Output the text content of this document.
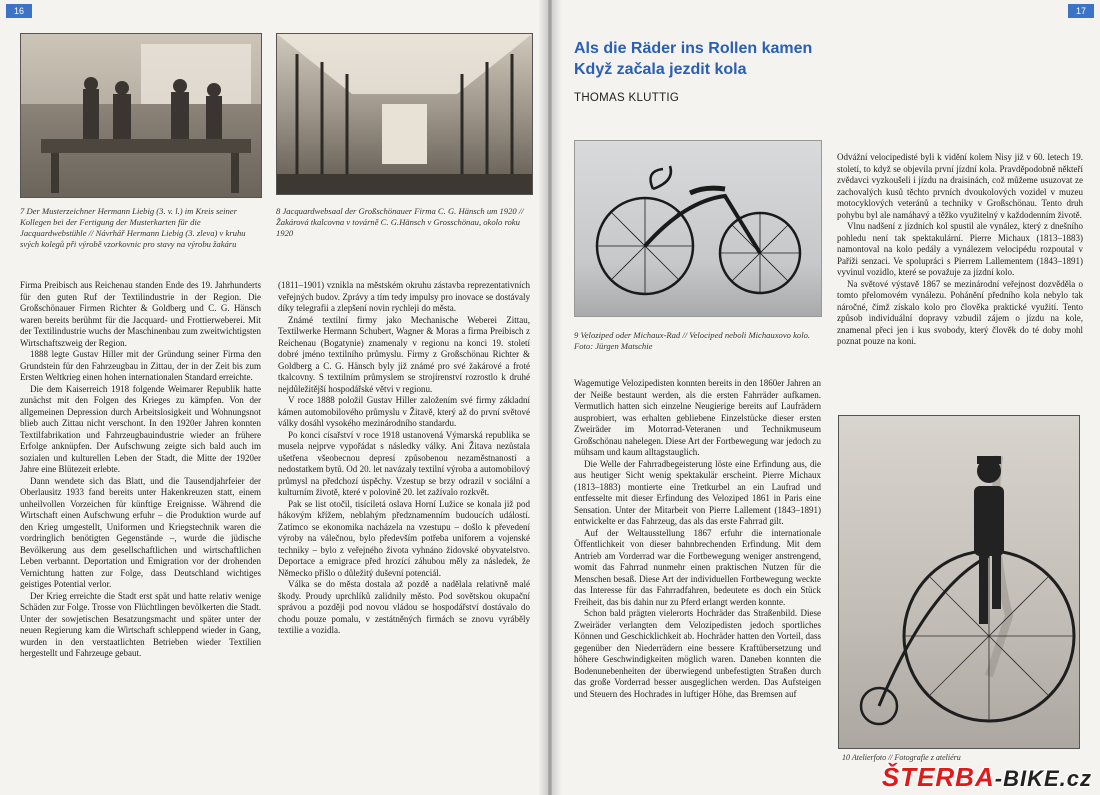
16
7 Der Musterzeichner Hermann Liebig (3. v. l.) im Kreis seiner Kollegen bei der Fertigung der Musterkarten für die Jacquardwebstühle // Návrhář Hermann Liebig (3. zleva) v kruhu svých kolegů při výrobě vzorkovnic pro stavy na výrobu žakáru
8 Jacquardwebsaal der Großschönauer Firma C. G. Hänsch um 1920 // Žakárová tkalcovna v továrně C. G.Hänsch v Grosschönau, okolo roku 1920

Firma Preibisch aus Reichenau standen Ende des 19. Jahrhunderts für den guten Ruf der Textilindustrie in der Region. Die Großschönauer Firmen Richter & Goldberg und C. G. Hänsch waren bereits berühmt für die Jacquard- und Frottierweberei. Mit der Textilindustrie wuchs der Maschinenbau zum zweitwichtigsten Wirtschaftszweig der Region.

1888 legte Gustav Hiller mit der Gründung seiner Firma den Grundstein für den Fahrzeugbau in Zittau, der in der Zeit bis zum Ersten Weltkrieg einen hohen internationalen Standard erreichte.

Die dem Kaiserreich 1918 folgende Weimarer Republik hatte zunächst mit den Folgen des Krieges zu kämpfen. Von der allgemeinen Depression durch Arbeitslosigkeit und Wohnungsnot blieb auch Zittau nicht verschont. In den 1920er Jahren konnten Textilfabrikation und Fahrzeugbauindustrie wieder an frühere Erfolge anknüpfen. Der Aufschwung zeigte sich bald auch im sozialen und kulturellen Leben der Stadt, die Mitte der 1920er Jahre eine Blütezeit erlebte.

Dann wendete sich das Blatt, und die Tausendjahrfeier der Oberlausitz 1933 fand bereits unter Hakenkreuzen statt, einem unheilvollen Vorzeichen für künftige Ereignisse. Während die Wirtschaft einen Aufschwung erfuhr – die Produktion wurde auf den Krieg umgestellt, Uniformen und Kriegstechnik waren die vordringlich benötigten Gegenstände –, wurde die jüdische Bevölkerung aus dem gesellschaftlichen und wirtschaftlichen Leben verbannt. Deportation und Emigration vor der drohenden Vernichtung hatten zur Folge, dass Deutschland wichtiges geistiges Potential verlor.

Der Krieg erreichte die Stadt erst spät und hatte relativ wenige Schäden zur Folge. Trosse von Flüchtlingen bevölkerten die Stadt. Unter der sowjetischen Besatzungsmacht und später unter der neuen Regierung kam die Wirtschaft schleppend wieder in Gang, wurden in den verstaatlichten Betrieben wieder Textilien hergestellt und Fahrzeuge gebaut.

(1811–1901) vznikla na městském okruhu zástavba reprezentativních veřejných budov. Zprávy a tím tedy impulsy pro inovace se dostávaly díky telegrafii a zlepšení novin rychleji do města.

Známé textilní firmy jako Mechanische Weberei Zittau, Textilwerke Hermann Schubert, Wagner & Moras a firma Preibisch z Reichenau (Bogatynie) znamenaly v regionu na konci 19. století dobré jméno textilního průmyslu. Firmy z Großschönau Richter & Goldberg a C. G. Hänsch byly již známé pro své žakárové a froté tkalcovny. S textilním průmyslem se strojírenství rozrostlo k druhé nejdůležitější hospodářské větvi v regionu.

V roce 1888 položil Gustav Hiller založením své firmy základní kámen automobilového průmyslu v Žitavě, který až do první světové války dosáhl vysokého mezinárodního standardu.

Po konci císařství v roce 1918 ustanovená Výmarská republika se musela nejprve vypořádat s následky války. Ani Žitava nezůstala ušetřena všeobecnou depresí způsobenou nezaměstnaností a nedostatkem bytů. Od 20. let navázaly textilní výroba a automobilový průmysl na předchozí úspěchy. Vzestup se brzy odrazil v sociální a kulturním životě, které v polovině 20. let zažívalo rozkvět.

Pak se list otočil, tisíciletá oslava Horní Lužice se konala již pod hákovým křížem, neblahým předznamenním budoucích událostí. Zatímco se ekonomika nacházela na vzestupu – došlo k převedení výroby na válečnou, bylo především potřeba uniforem a vojenské techniky – bylo z veřejného života vyhnáno židovské obyvatelstvo. Deportace a emigrace před hrozící záhubou měly za následek, že Německo přišlo o důležitý duševní potenciál.

Válka se do města dostala až pozdě a nadělala relativně malé škody. Proudy uprchlíků zalidnily město. Pod sovětskou okupační správou a později pod novou vládou se hospodářství dostávalo do chodu pouze pomalu, v zestátněných firmách se znovu vyráběly textilie a vozidla.

17
Als die Räder ins Rollen kamen
Když začala jezdit kola
THOMAS KLUTTIG
9 Veloziped oder Michaux-Rad // Velociped neboli Michauxovo kolo. Foto: Jürgen Matschie

Wagemutige Velozipedisten konnten bereits in den 1860er Jahren an der Neiße bestaunt werden, als die ersten Fahrräder aufkamen. Vermutlich hatten sich einzelne Neugierige bereits auf Laufrädern ausprobiert, was erhalten gebliebene Einzelstücke dieser ersten Zweiräder im Motorrad-Veteranen und Technikmuseum Großschönau nahelegen. Diese Art der Fortbewegung war jedoch zu mühsam und kaum alltagstauglich.

Die Welle der Fahrradbegeisterung löste eine Erfindung aus, die aus heutiger Sicht wenig spektakulär erscheint. Pierre Michaux (1813–1883) montierte eine Tretkurbel an ein Laufrad und entfesselte mit dieser Erfindung des Veloziped 1861 in Paris eine Sensation. Unter der Mitarbeit von Pierre Lallement (1843–1891) entwickelte er das Fahrzeug, das als das erste Fahrrad gilt.

Auf der Weltausstellung 1867 erfuhr die internationale Öffentlichkeit von dieser bahnbrechenden Erfindung. Mit dem Antrieb am Vorderrad war die Fortbewegung weniger anstrengend, womit das Fahrrad nunmehr einen praktischen Nutzen für die Menschen besaß. Diese Art der individuellen Fortbewegung weckte das Interesse für das Fahrradfahren, bedeutete es doch ein Stück Freiheit, das bis dahin nur zu Pferd erlangt werden konnte.

Schon bald prägten vielerorts Hochräder das Straßenbild. Diese Zweiräder verlangten dem Velozipedisten jedoch sportliches Können und Geschicklichkeit ab. Hochräder hatten den Vorteil, dass gegenüber den Niederrädern eine bessere Kraftübersetzung und höhere Geschwindigkeiten möglich waren. Daneben konnten die Bodenunebenheiten der überwiegend unbefestigten Straßen durch das große Vorderrad besser ausgeglichen werden. Das Aufsteigen und Steuern des Hochrades in luftiger Höhe, das Bremsen auf

Odvážní velocipedisté byli k vidění kolem Nisy již v 60. letech 19. století, to když se objevila první jízdní kola. Pravděpodobně někteří zvědavci vyzkoušeli i jízdu na draisinách, což můžeme usuzovat ze zachovalých kusů těchto prvních dvoukolových vozidel v muzeu motocyklových veteránů a techniky v Großschönau. Tento druh pohybu byl ale namáhavý a těžko využitelný v každodenním životě.

Vlnu nadšení z jízdních kol spustil ale vynález, který z dnešního pohledu není tak spektakulární. Pierre Michaux (1813–1883) namontoval na kolo pedály a vynálezem velocipédu rozpoutal v Paříži senzaci. Ve spolupráci s Pierrem Lallementem (1843–1891) vyvinul vozidlo, které se považuje za jízdní kolo.

Na světové výstavě 1867 se mezinárodní veřejnost dozvěděla o tomto přelomovém vynálezu. Pohánění předního kola nebylo tak náročné, čímž získalo kolo pro člověka praktické využití. Tento způsob individuální dopravy vzbudil zájem o jízdu na kole, znamenal přeci jen i kus svobody, který člověk do té doby mohl poznat pouze na koni.

10 Atelierfoto // Fotografie z ateliéru
ŠTERBA-BIKE.cz
